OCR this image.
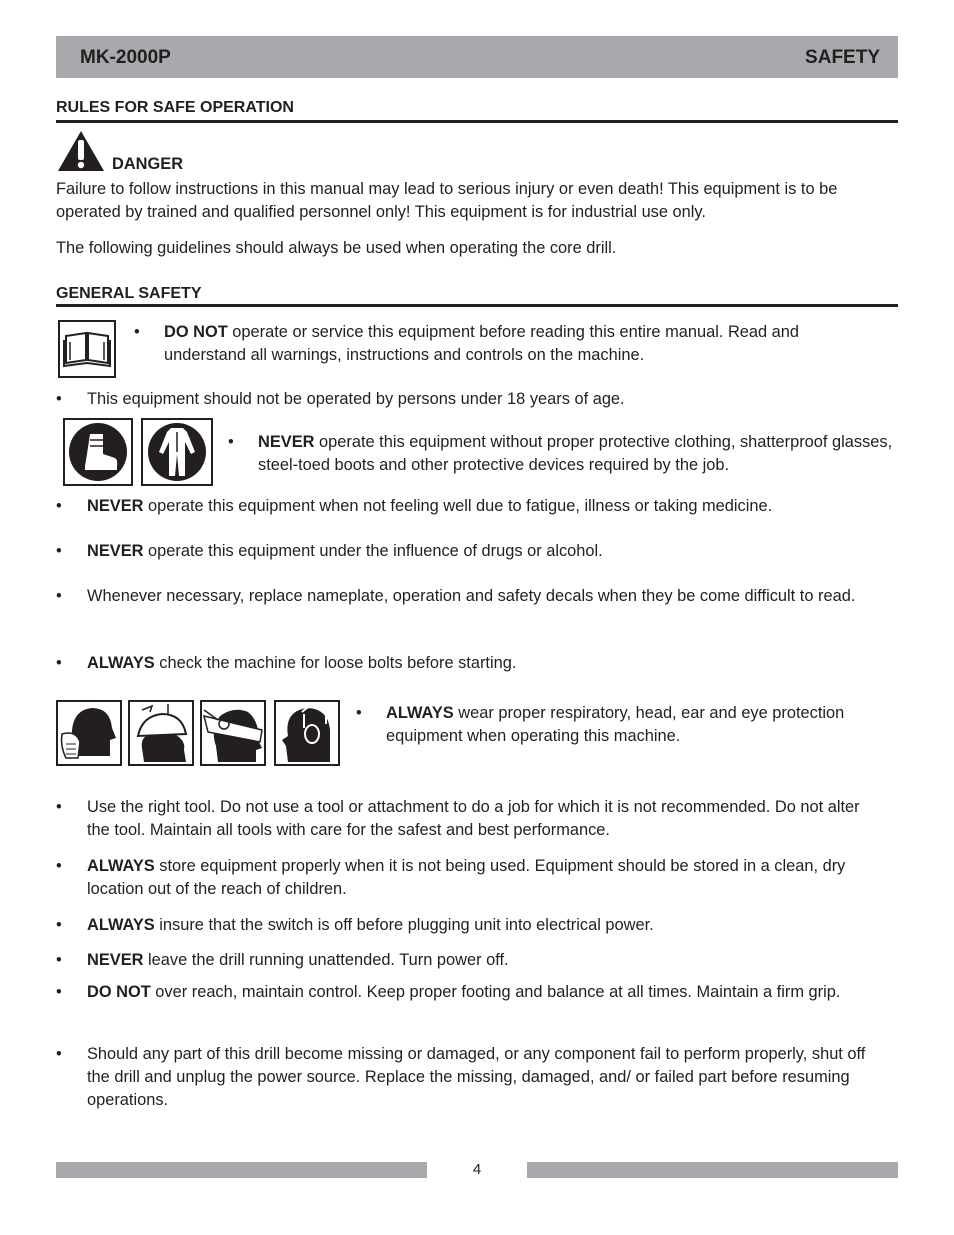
MK-2000P	SAFETY
RULES FOR SAFE OPERATION
DANGER
Failure to follow instructions in this manual may lead to serious injury or even death! This equipment is to be operated by trained and qualified personnel only! This equipment is for industrial use only.
The following guidelines should always be used when operating the core drill.
GENERAL SAFETY
• DO NOT operate or service this equipment before reading this entire manual. Read and understand all warnings, instructions and controls on the machine.
• This equipment should not be operated by persons under 18 years of age.
• NEVER operate this equipment without proper protective clothing, shatterproof glasses, steel-toed boots and other protective devices required by the job.
• NEVER operate this equipment when not feeling well due to fatigue, illness or taking medicine.
• NEVER operate this equipment under the influence of drugs or alcohol.
• Whenever necessary, replace nameplate, operation and safety decals when they be come difficult to read.
• ALWAYS check the machine for loose bolts before starting.
• ALWAYS wear proper respiratory, head, ear and eye protection equipment when operating this machine.
• Use the right tool. Do not use a tool or attachment to do a job for which it is not recommended. Do not alter the tool. Maintain all tools with care for the safest and best performance.
• ALWAYS store equipment properly when it is not being used. Equipment should be stored in a clean, dry location out of the reach of children.
• ALWAYS insure that the switch is off before plugging unit into electrical power.
• NEVER leave the drill running unattended. Turn power off.
• DO NOT over reach, maintain control. Keep proper footing and balance at all times. Maintain a firm grip.
• Should any part of this drill become missing or damaged, or any component fail to perform properly, shut off the drill and unplug the power source. Replace the missing, damaged, and/ or failed part before resuming operations.
4
